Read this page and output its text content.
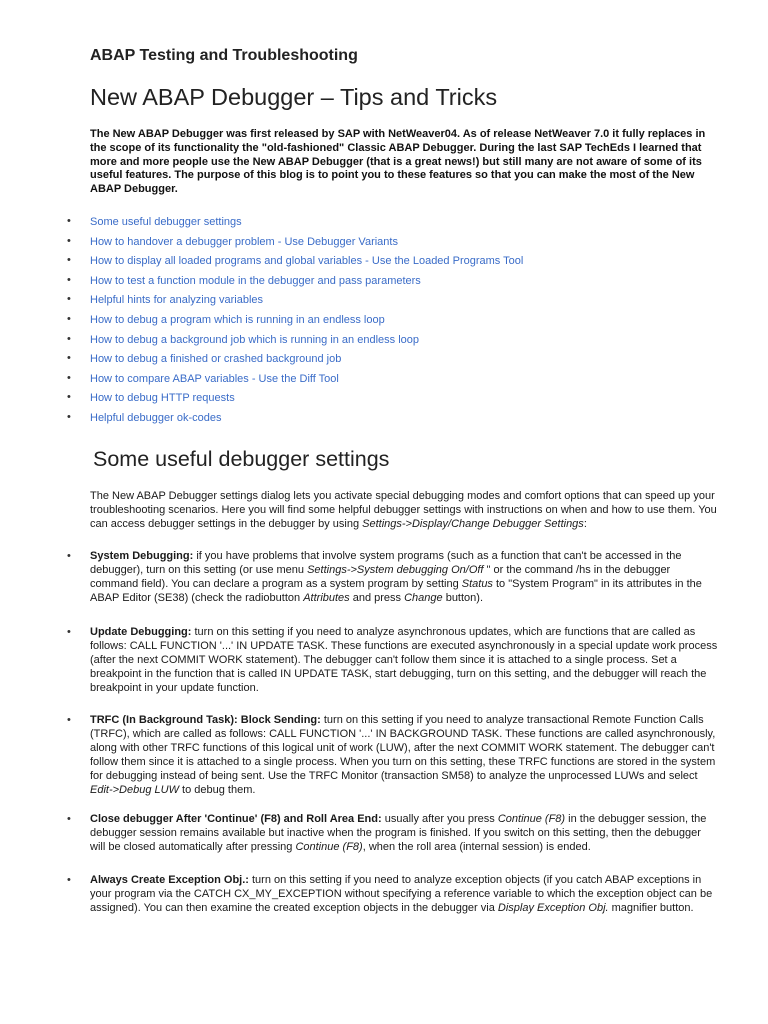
ABAP Testing and Troubleshooting
New ABAP Debugger – Tips and Tricks

The New ABAP Debugger was first released by SAP with NetWeaver04. As of release NetWeaver 7.0 it fully replaces in the scope of its functionality the "old-fashioned" Classic ABAP Debugger. During the last SAP TechEds I learned that more and more people use the New ABAP Debugger (that is a great news!) but still many are not aware of some of its useful features. The purpose of this blog is to point you to these features so that you can make the most of the New ABAP Debugger.

• Some useful debugger settings
• How to handover a debugger problem - Use Debugger Variants
• How to display all loaded programs and global variables - Use the Loaded Programs Tool
• How to test a function module in the debugger and pass parameters
• Helpful hints for analyzing variables
• How to debug a program which is running in an endless loop
• How to debug a background job which is running in an endless loop
• How to debug a finished or crashed background job
• How to compare ABAP variables - Use the Diff Tool
• How to debug HTTP requests
• Helpful debugger ok-codes
Some useful debugger settings

The New ABAP Debugger settings dialog lets you activate special debugging modes and comfort options that can speed up your troubleshooting scenarios. Here you will find some helpful debugger settings with instructions on when and how to use them. You can access debugger settings in the debugger by using Settings->Display/Change Debugger Settings:

• System Debugging: if you have problems that involve system programs (such as a function that can't be accessed in the debugger), turn on this setting (or use menu Settings->System debugging On/Off " or the command /hs in the debugger command field). You can declare a program as a system program by setting Status to "System Program" in its attributes in the ABAP Editor (SE38) (check the radiobutton Attributes and press Change button).

• Update Debugging: turn on this setting if you need to analyze asynchronous updates, which are functions that are called as follows: CALL FUNCTION '...' IN UPDATE TASK. These functions are executed asynchronously in a special update work process (after the next COMMIT WORK statement). The debugger can't follow them since it is attached to a single process. Set a breakpoint in the function that is called IN UPDATE TASK, start debugging, turn on this setting, and the debugger will reach the breakpoint in your update function.

• TRFC (In Background Task): Block Sending: turn on this setting if you need to analyze transactional Remote Function Calls (TRFC), which are called as follows: CALL FUNCTION '...' IN BACKGROUND TASK. These functions are called asynchronously, along with other TRFC functions of this logical unit of work (LUW), after the next COMMIT WORK statement. The debugger can't follow them since it is attached to a single process. When you turn on this setting, these TRFC functions are stored in the system for debugging instead of being sent. Use the TRFC Monitor (transaction SM58) to analyze the unprocessed LUWs and select Edit->Debug LUW to debug them.

• Close debugger After 'Continue' (F8) and Roll Area End: usually after you press Continue (F8) in the debugger session, the debugger session remains available but inactive when the program is finished. If you switch on this setting, then the debugger will be closed automatically after pressing Continue (F8), when the roll area (internal session) is ended.

• Always Create Exception Obj.: turn on this setting if you need to analyze exception objects (if you catch ABAP exceptions in your program via the CATCH CX_MY_EXCEPTION without specifying a reference variable to which the exception object can be assigned). You can then examine the created exception objects in the debugger via Display Exception Obj. magnifier button.
